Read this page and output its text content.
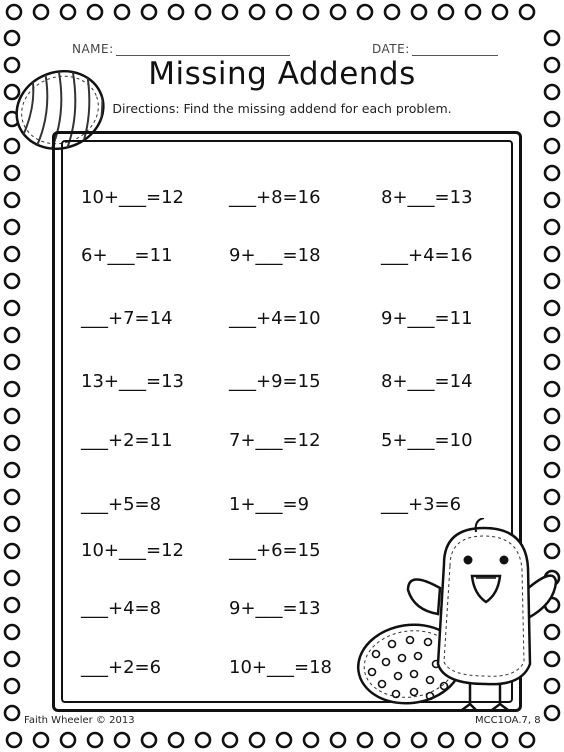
NAME:	DATE:
Missing Addends
Directions: Find the missing addend for each problem.
10+___=12	___+8=16	8+___=13
6+___=11	9+___=18	___+4=16
___+7=14	___+4=10	9+___=11
13+___=13	___+9=15	8+___=14
___+2=11	7+___=12	5+___=10
___+5=8	1+___=9	___+3=6
10+___=12	___+6=15
___+4=8	9+___=13
___+2=6	10+___=18
Faith Wheeler © 2013	MCC1OA.7, 8
